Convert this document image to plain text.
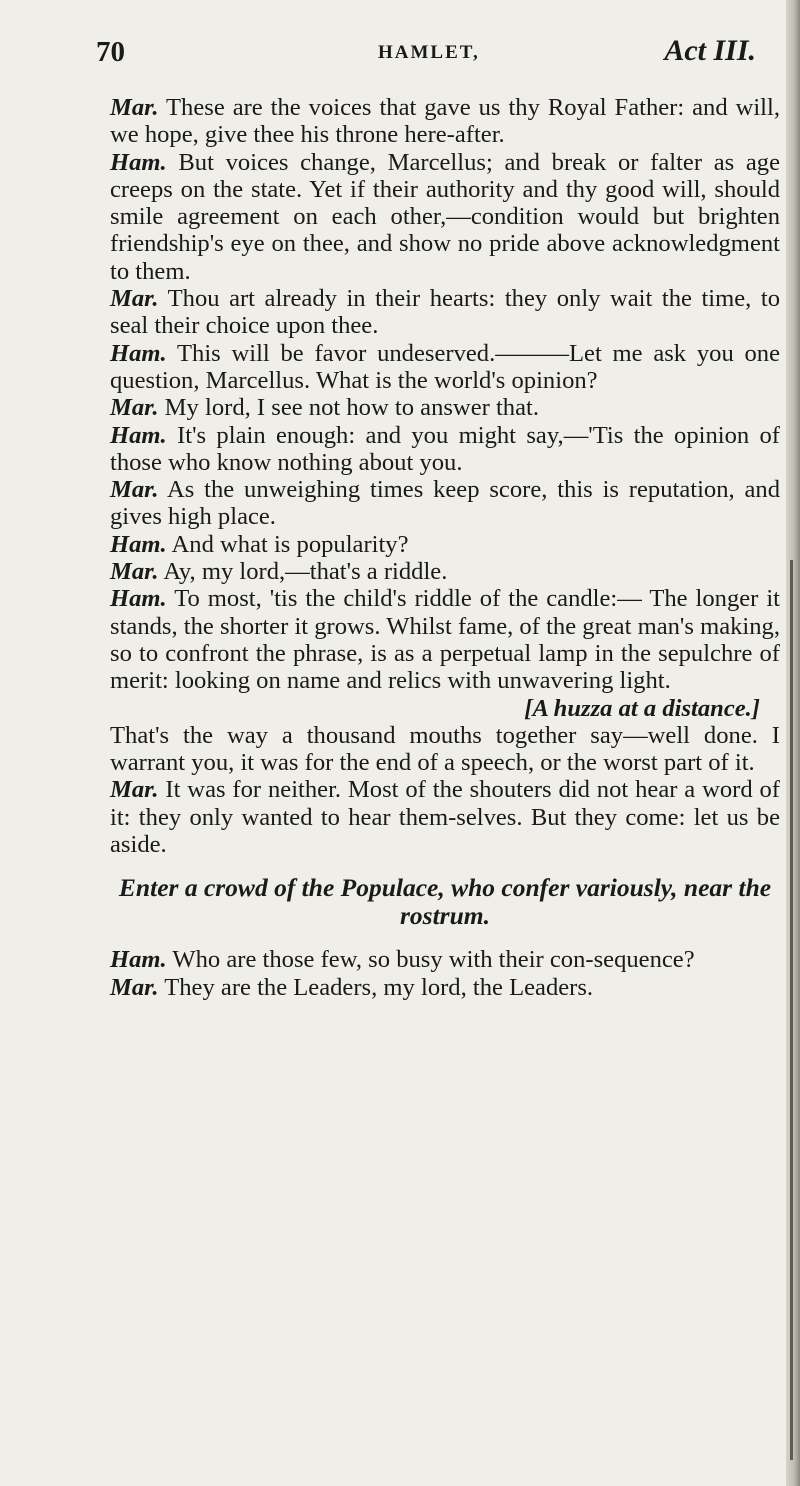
70	HAMLET,	Act III.

Mar. These are the voices that gave us thy Royal Father: and will, we hope, give thee his throne here-after.

Ham. But voices change, Marcellus; and break or falter as age creeps on the state. Yet if their authority and thy good will, should smile agreement on each other,—condition would but brighten friendship's eye on thee, and show no pride above acknowledgment to them.

Mar. Thou art already in their hearts: they only wait the time, to seal their choice upon thee.

Ham. This will be favor undeserved.———Let me ask you one question, Marcellus. What is the world's opinion?

Mar. My lord, I see not how to answer that.

Ham. It's plain enough: and you might say,—'Tis the opinion of those who know nothing about you.

Mar. As the unweighing times keep score, this is reputation, and gives high place.

Ham. And what is popularity?

Mar. Ay, my lord,—that's a riddle.

Ham. To most, 'tis the child's riddle of the candle:— The longer it stands, the shorter it grows. Whilst fame, of the great man's making, so to confront the phrase, is as a perpetual lamp in the sepulchre of merit: looking on name and relics with unwavering light.

[A huzza at a distance.]

That's the way a thousand mouths together say—well done. I warrant you, it was for the end of a speech, or the worst part of it.

Mar. It was for neither. Most of the shouters did not hear a word of it: they only wanted to hear them-selves. But they come: let us be aside.

Enter a crowd of the Populace, who confer variously, near the rostrum.

Ham. Who are those few, so busy with their con-sequence?

Mar. They are the Leaders, my lord, the Leaders.
